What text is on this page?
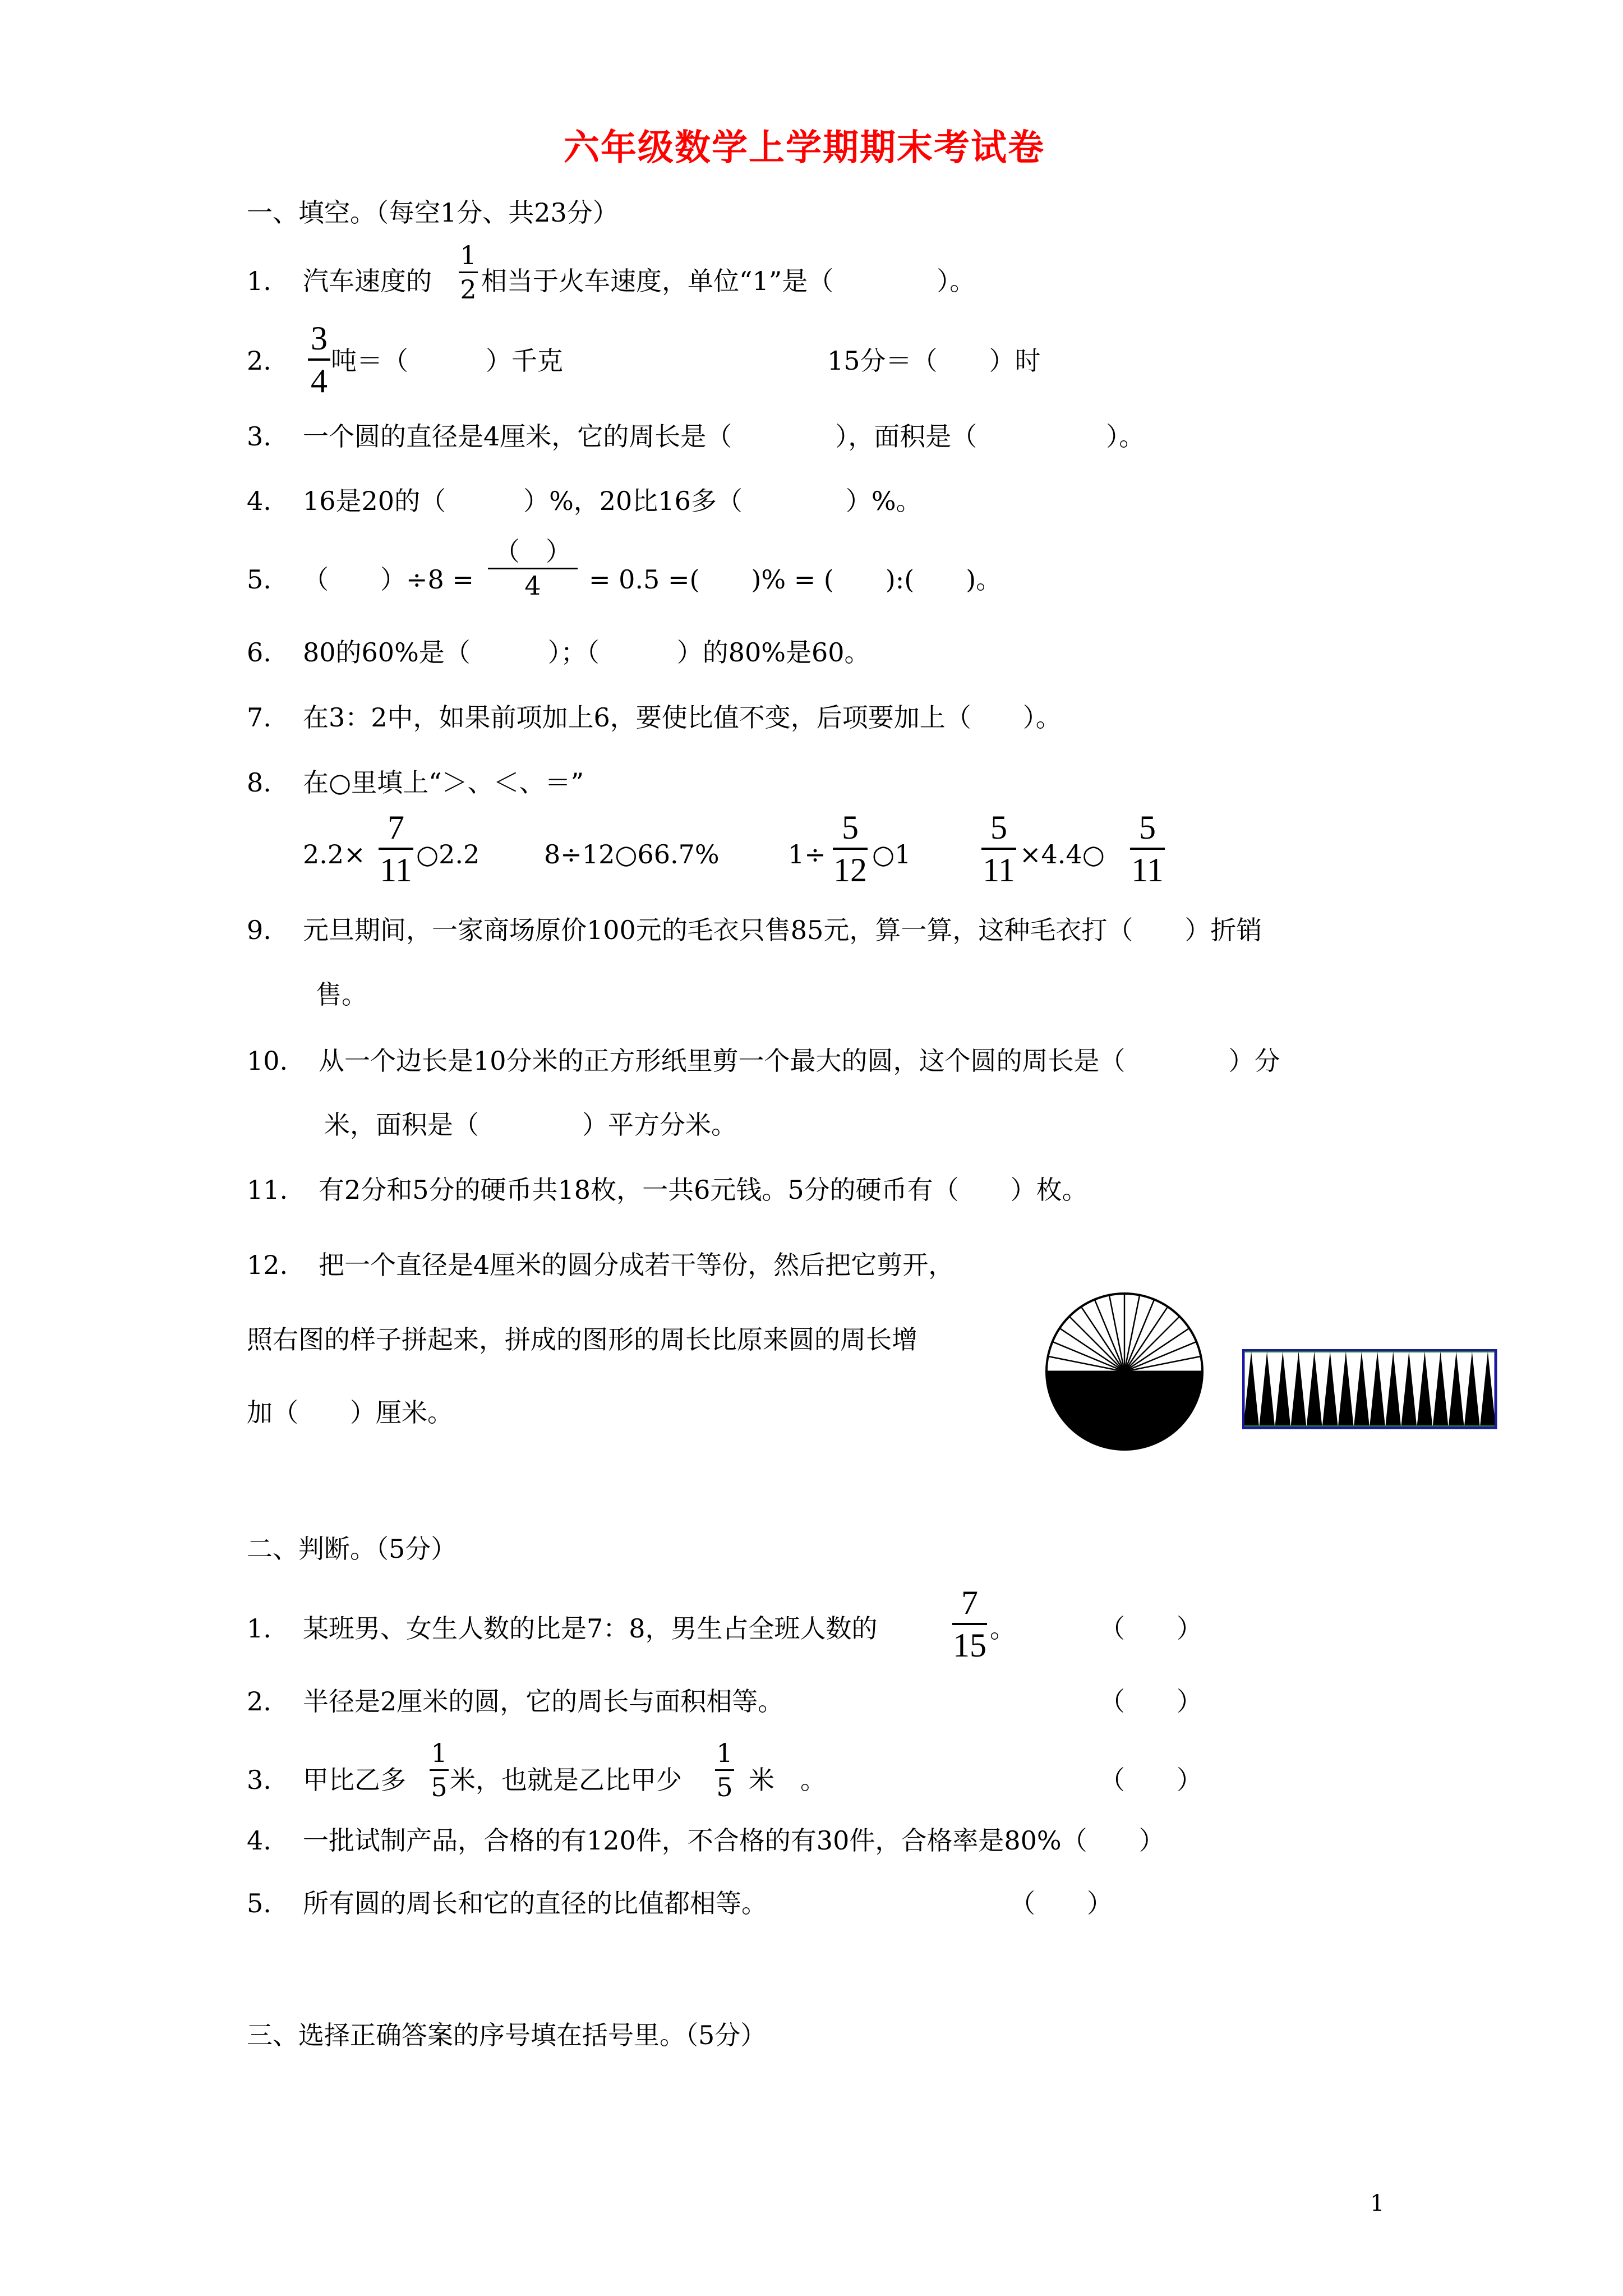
六年级数学上学期期末考试卷
一、填空。（每空1分、共23分）
1. 汽车速度的
1
2 相当于火车速度，单位“1”是（　　　　）。
2.
3
4
吨＝（　　　）千克	15分＝（　　）时
3. 一个圆的直径是4厘米，它的周长是（　　　　），面积是（　　　　　）。
4. 16是20的（　　　）%，20比16多（　　　　）%。
5. （　　）÷8 =
（　）
4	= 0.5 =(　　)% = (　　):(　　)。
6. 80的60%是（　　　）；（　　　）的80%是60。
7. 在3：2中，如果前项加上6，要使比值不变，后项要加上（　　）。
8. 在○里填上“＞、＜、＝”
2.2×
7
11 ○2.2 8÷12○66.7%	1÷
5
12 ○1
5
11 ×4.4○
5
11
9. 元旦期间，一家商场原价100元的毛衣只售85元，算一算，这种毛衣打（　　）折销
售。
10. 从一个边长是10分米的正方形纸里剪一个最大的圆，这个圆的周长是（　　　　）分
米，面积是（　　　　）平方分米。
11. 有2分和5分的硬币共18枚，一共6元钱。5分的硬币有（　　）枚。
12. 把一个直径是4厘米的圆分成若干等份，然后把它剪开，
照右图的样子拼起来，拼成的图形的周长比原来圆的周长增
加（　　）厘米。
二、判断。（5分）
1. 某班男、女生人数的比是7：8，男生占全班人数的
7
15 。	（　　）
2. 半径是2厘米的圆，它的周长与面积相等。	（　　）
3. 甲比乙多
1
5 米，也就是乙比甲少
1
5 米　。	（　　）
4. 一批试制产品，合格的有120件，不合格的有30件，合格率是80%（　　）
5. 所有圆的周长和它的直径的比值都相等。	（　　）
三、选择正确答案的序号填在括号里。（5分）
1
